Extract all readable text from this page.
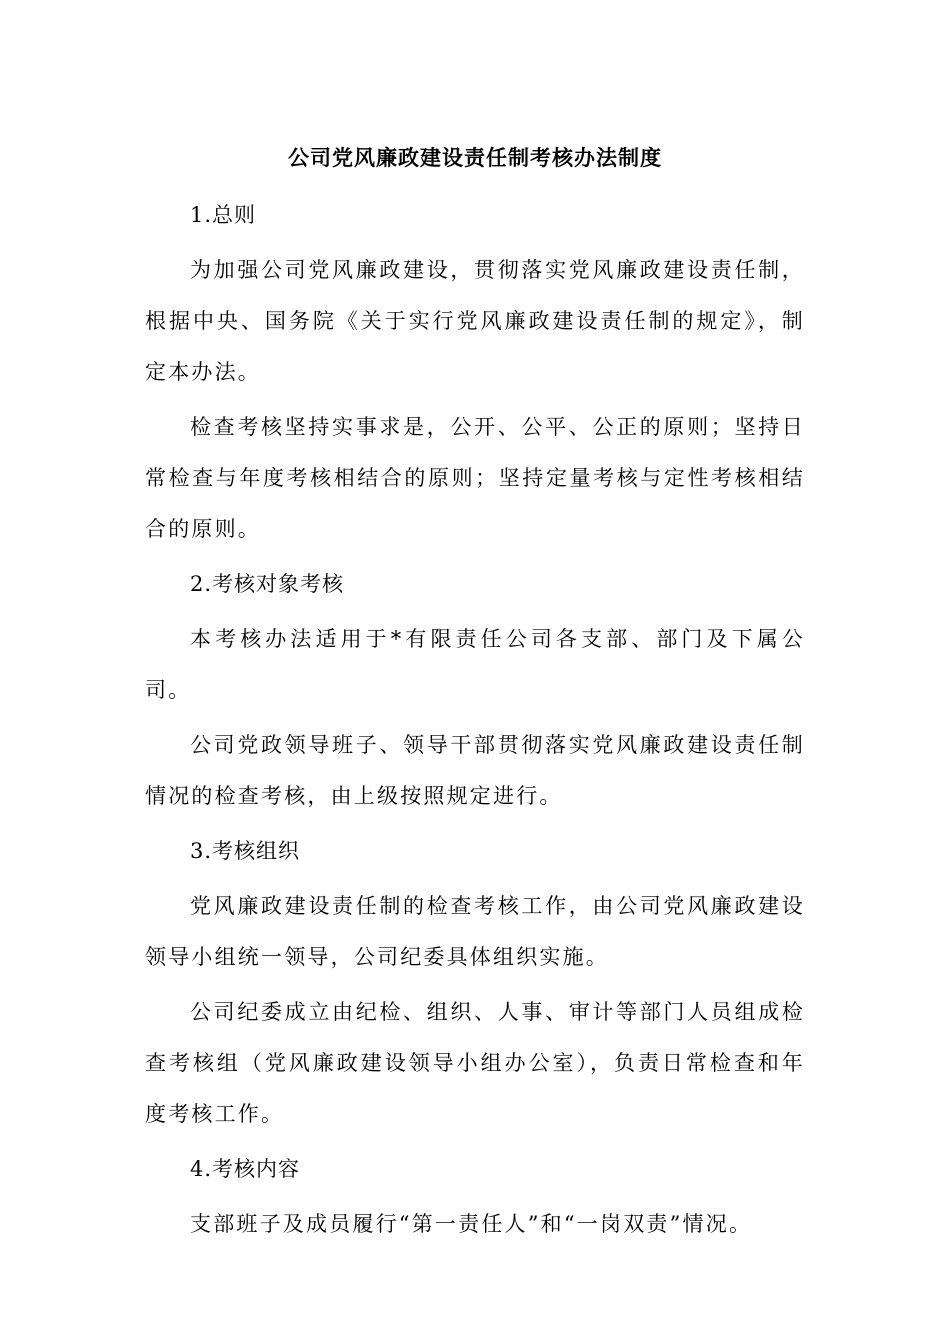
公司党风廉政建设责任制考核办法制度

1.总则

为加强公司党风廉政建设，贯彻落实党风廉政建设责任制，根据中央、国务院《关于实行党风廉政建设责任制的规定》，制定本办法。

检查考核坚持实事求是，公开、公平、公正的原则；坚持日常检查与年度考核相结合的原则；坚持定量考核与定性考核相结合的原则。

2.考核对象考核

本考核办法适用于*有限责任公司各支部、部门及下属公司。

公司党政领导班子、领导干部贯彻落实党风廉政建设责任制情况的检查考核，由上级按照规定进行。

3.考核组织

党风廉政建设责任制的检查考核工作，由公司党风廉政建设领导小组统一领导，公司纪委具体组织实施。

公司纪委成立由纪检、组织、人事、审计等部门人员组成检查考核组（党风廉政建设领导小组办公室），负责日常检查和年度考核工作。

4.考核内容

支部班子及成员履行“第一责任人”和“一岗双责”情况。
